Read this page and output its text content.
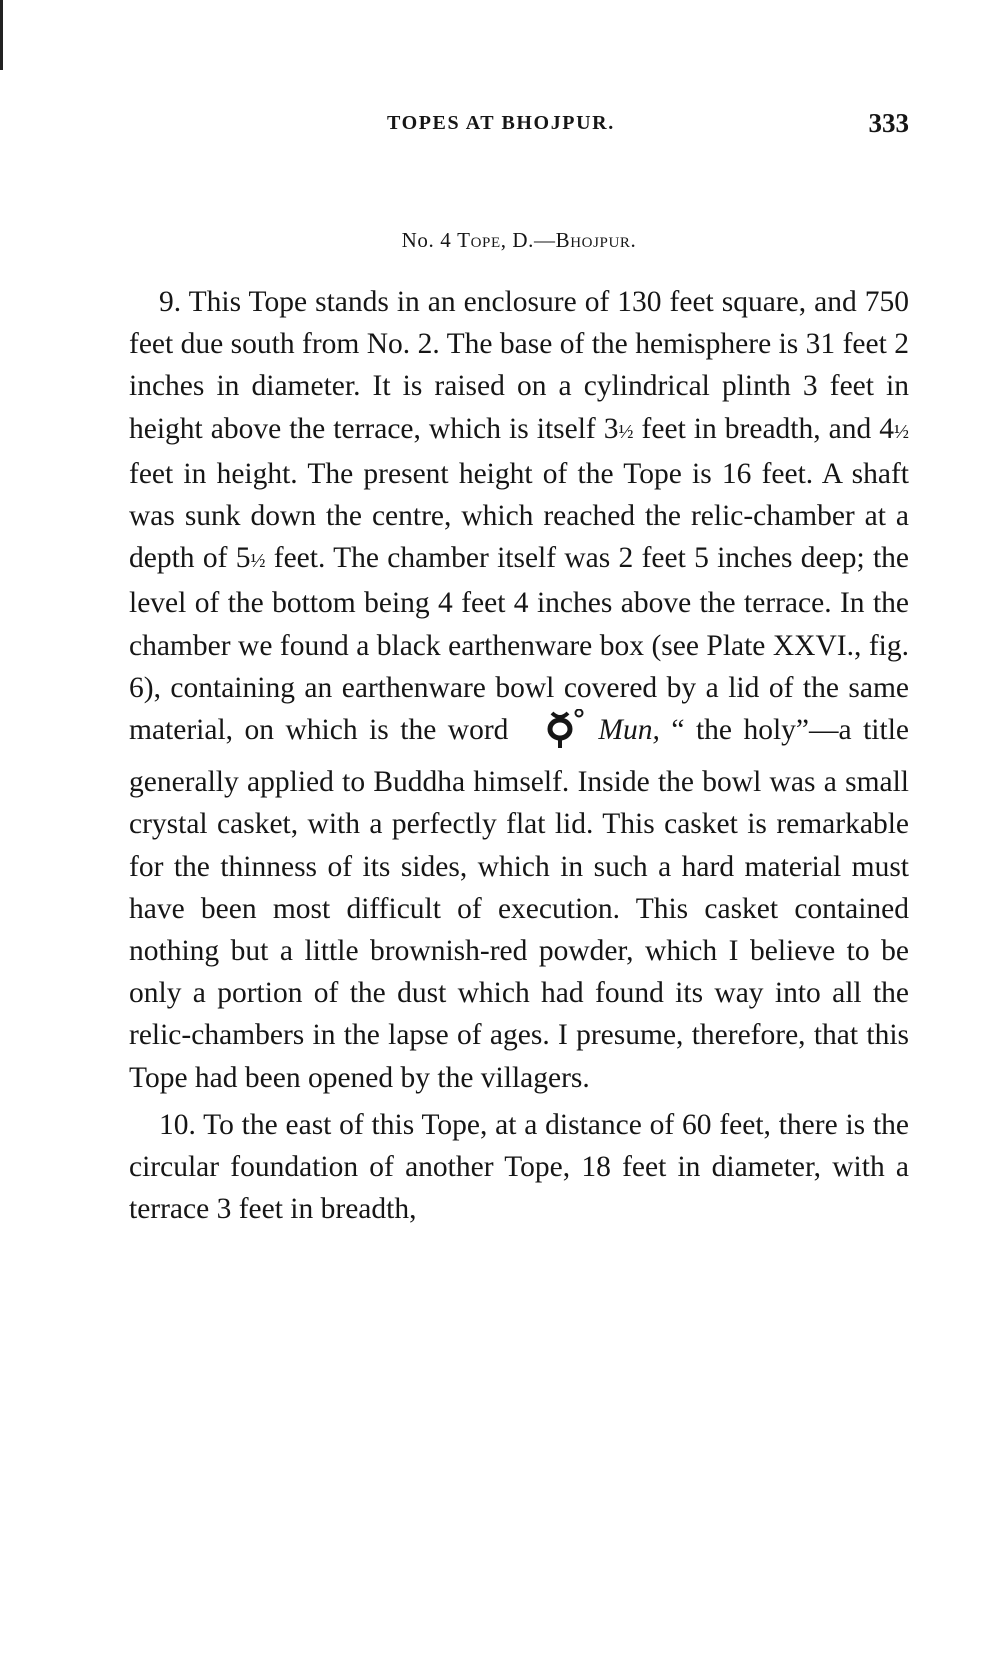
TOPES AT BHOJPUR.	333
No. 4 Tope, D.—Bhojpur.

9. This Tope stands in an enclosure of 130 feet square, and 750 feet due south from No. 2. The base of the hemisphere is 31 feet 2 inches in diameter. It is raised on a cylindrical plinth 3 feet in height above the terrace, which is itself 3½ feet in breadth, and 4½ feet in height. The present height of the Tope is 16 feet. A shaft was sunk down the centre, which reached the relic-chamber at a depth of 5½ feet. The chamber itself was 2 feet 5 inches deep; the level of the bottom being 4 feet 4 inches above the terrace. In the chamber we found a black earthenware box (see Plate XXVI., fig. 6), containing an earthenware bowl covered by a lid of the same material, on which is the word	Mun, “ the holy”—a title generally applied to Buddha himself. Inside the bowl was a small crystal casket, with a perfectly flat lid. This casket is remarkable for the thinness of its sides, which in such a hard material must have been most difficult of execution. This casket contained nothing but a little brownish-red powder, which I believe to be only a portion of the dust which had found its way into all the relic-chambers in the lapse of ages. I presume, therefore, that this Tope had been opened by the villagers.

10. To the east of this Tope, at a distance of 60 feet, there is the circular foundation of another Tope, 18 feet in diameter, with a terrace 3 feet in breadth,
